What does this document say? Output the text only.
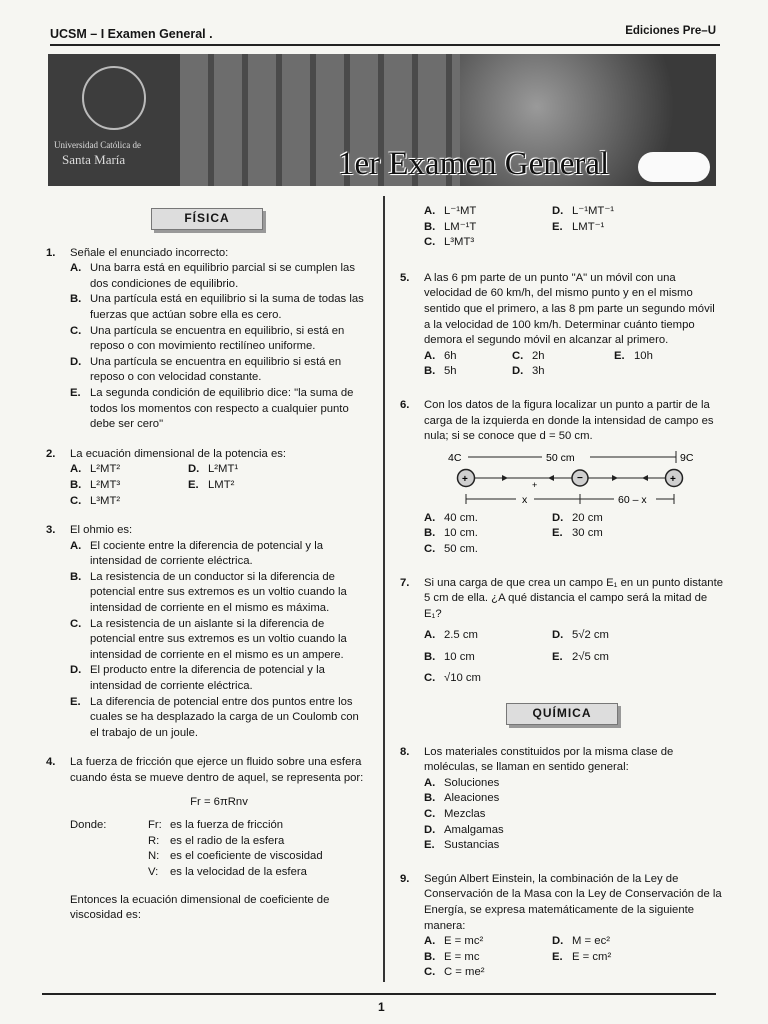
UCSM – I Examen General .	Ediciones Pre–U
Universidad Católica de
Santa María	1er Examen General
FÍSICA
1. Señale el enunciado incorrecto:
A. Una barra está en equilibrio parcial si se cumplen las dos condiciones de equilibrio.
B. Una partícula está en equilibrio si la suma de todas las fuerzas que actúan sobre ella es cero.
C. Una partícula se encuentra en equilibrio, si está en reposo o con movimiento rectilíneo uniforme.
D. Una partícula se encuentra en equilibrio si está en reposo o con velocidad constante.
E. La segunda condición de equilibrio dice: "la suma de todos los momentos con respecto a cualquier punto debe ser cero"
2. La ecuación dimensional de la potencia es:
A. L²MT²	D. L²MT¹
B. L²MT³	E. LMT²
C. L³MT²
3. El ohmio es:
A. El cociente entre la diferencia de potencial y la intensidad de corriente eléctrica.
B. La resistencia de un conductor si la diferencia de potencial entre sus extremos es un voltio cuando la intensidad de corriente en el mismo es máxima.
C. La resistencia de un aislante si la diferencia de potencial entre sus extremos es un voltio cuando la intensidad de corriente en el mismo es un ampere.
D. El producto entre la diferencia de potencial y la intensidad de corriente eléctrica.
E. La diferencia de potencial entre dos puntos entre los cuales se ha desplazado la carga de un Coulomb con el trabajo de un joule.
4. La fuerza de fricción que ejerce un fluido sobre una esfera cuando ésta se mueve dentro de aquel, se representa por:
Fr = 6πRnv
Donde:	Fr: es la fuerza de fricción
R: es el radio de la esfera
N: es el coeficiente de viscosidad
V:	es la velocidad de la esfera
Entonces la ecuación dimensional de coeficiente de viscosidad es:
A. L⁻¹MT	D. L⁻¹MT⁻¹
B. LM⁻¹T	E. LMT⁻¹
C. L³MT³
5. A las 6 pm parte de un punto "A" un móvil con una velocidad de 60 km/h, del mismo punto y en el mismo sentido que el primero, a las 8 pm parte un segundo móvil a la velocidad de 100 km/h. Determinar cuánto tiempo demora el segundo móvil en alcanzar al primero.
A. 6h	C. 2h	E. 10h
B. 5h	D. 3h
6. Con los datos de la figura localizar un punto a partir de la carga de la izquierda en donde la intensidad de campo es nula; si se conoce que d = 50 cm.
4C	50 cm	9C
+	−	+
+
x	60 – x
A. 40 cm.	D. 20 cm
B. 10 cm.	E. 30 cm
C. 50 cm.
7. Si una carga de que crea un campo E₁ en un punto distante 5 cm de ella. ¿A qué distancia el campo será la mitad de E₁?
A. 2.5 cm	D. 5√2 cm
B. 10 cm	E. 2√5 cm
C. √10 cm
QUÍMICA
8. Los materiales constituidos por la misma clase de moléculas, se llaman en sentido general:
A. Soluciones
B. Aleaciones
C. Mezclas
D. Amalgamas
E. Sustancias
9. Según Albert Einstein, la combinación de la Ley de Conservación de la Masa con la Ley de Conservación de la Energía, se expresa matemáticamente de la siguiente manera:
A. E = mc²	D. M = ec²
B. E = mc	E. E = cm²
C. C = me²
1
